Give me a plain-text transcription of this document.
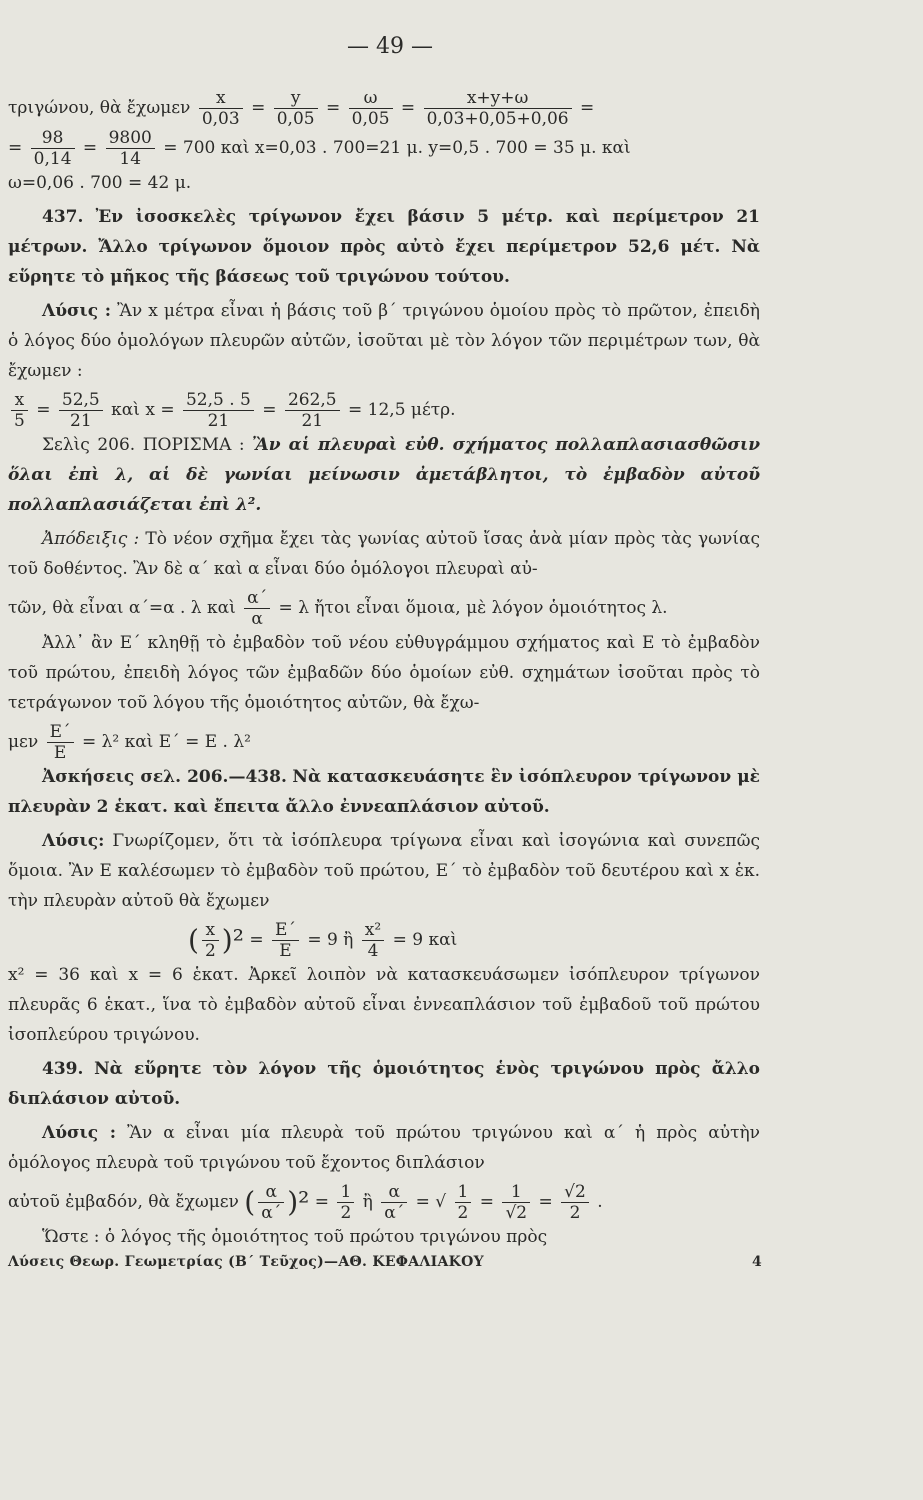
— 49 —
τριγώνου, θὰ ἔχωμεν $\frac{x}{0,03} = \frac{y}{0,05} = \frac{\omega}{0,05} = \frac{x+y+\omega}{0,03+0,05+0,06}$ =
= $\frac{98}{0,14} = \frac{9800}{14} = 700$ καὶ x=0,03 . 700=21 μ. y=0,5 . 700 = 35 μ. καὶ

ω=0,06 . 700 = 42 μ.

437. Ἐν ἰσοσκελὲς τρίγωνον ἔχει βάσιν 5 μέτρ. καὶ περίμετρον 21 μέτρων. Ἄλλο τρίγωνον ὅμοιον πρὸς αὐτὸ ἔχει περίμετρον 52,6 μέτ. Νὰ εὕρητε τὸ μῆκος τῆς βάσεως τοῦ τριγώνου τούτου.

Λύσις : Ἂν x μέτρα εἶναι ἡ βάσις τοῦ β΄ τριγώνου ὁμοίου πρὸς τὸ πρῶτον, ἐπειδὴ ὁ λόγος δύο ὁμολόγων πλευρῶν αὐτῶν, ἰσοῦται μὲ τὸν λόγον τῶν περιμέτρων των, θὰ ἔχωμεν :

$\frac{x}{5} = \frac{52,5}{21}$ καὶ $x = \frac{52,5 . 5}{21} = \frac{262,5}{21} = 12,5$ μέτρ.

Σελὶς 206. ΠΟΡΙΣΜΑ : Ἂν αἱ πλευραὶ εὐθ. σχήματος πολλαπλασιασθῶσιν ὅλαι ἐπὶ λ, αἱ δὲ γωνίαι μείνωσιν ἀμετάβλητοι, τὸ ἐμβαδὸν αὐτοῦ πολλαπλασιάζεται ἐπὶ λ².

Ἀπόδειξις : Τὸ νέον σχῆμα ἔχει τὰς γωνίας αὐτοῦ ἴσας ἀνὰ μίαν πρὸς τὰς γωνίας τοῦ δοθέντος. Ἂν δὲ α΄ καὶ α εἶναι δύο ὁμόλογοι πλευραὶ αὐ-

τῶν, θὰ εἶναι α΄=α . λ καὶ $\frac{\alpha΄}{\alpha} = \lambda$ ἤτοι εἶναι ὅμοια, μὲ λόγον ὁμοιότητος λ.

Ἀλλ᾽ ἂν Ε΄ κληθῇ τὸ ἐμβαδὸν τοῦ νέου εὐθυγράμμου σχήματος καὶ Ε τὸ ἐμβαδὸν τοῦ πρώτου, ἐπειδὴ λόγος τῶν ἐμβαδῶν δύο ὁμοίων εὐθ. σχημάτων ἰσοῦται πρὸς τὸ τετράγωνον τοῦ λόγου τῆς ὁμοιότητος αὐτῶν, θὰ ἔχω-

μεν $\frac{E΄}{E} = \lambda^2$ καὶ Ε΄ = Ε . λ²

Ἀσκήσεις σελ. 206.—438. Νὰ κατασκευάσητε ἓν ἰσόπλευρον τρίγωνον μὲ πλευρὰν 2 ἑκατ. καὶ ἔπειτα ἄλλο ἐννεαπλάσιον αὐτοῦ.

Λύσις: Γνωρίζομεν, ὅτι τὰ ἰσόπλευρα τρίγωνα εἶναι καὶ ἰσογώνια καὶ συνεπῶς ὅμοια. Ἂν Ε καλέσωμεν τὸ ἐμβαδὸν τοῦ πρώτου, Ε΄ τὸ ἐμβαδὸν τοῦ δευτέρου καὶ x ἑκ. τὴν πλευρὰν αὐτοῦ θὰ ἔχωμεν

( $\frac{x}{2} )^2 = \frac{E΄}{E} = 9$ ἢ $\frac{\text{x²}}{4} = 9$ καὶ

x² = 36 καὶ x = 6 ἑκατ. Ἀρκεῖ λοιπὸν νὰ κατασκευάσωμεν ἰσόπλευρον τρίγωνον πλευρᾶς 6 ἑκατ., ἵνα τὸ ἐμβαδὸν αὐτοῦ εἶναι ἐννεαπλάσιον τοῦ ἐμβαδοῦ τοῦ πρώτου ἰσοπλεύρου τριγώνου.

439. Νὰ εὕρητε τὸν λόγον τῆς ὁμοιότητος ἑνὸς τριγώνου πρὸς ἄλλο διπλάσιον αὐτοῦ.

Λύσις : Ἂν α εἶναι μία πλευρὰ τοῦ πρώτου τριγώνου καὶ α΄ ἡ πρὸς αὐτὴν ὁμόλογος πλευρὰ τοῦ τριγώνου τοῦ ἔχοντος διπλάσιον

αὐτοῦ ἐμβαδόν, θὰ ἔχωμεν ( $\frac{\alpha}{\alpha΄} )^2 = \frac{1}{2}$ ἢ $\frac{\alpha}{\alpha΄}$ = √ $\frac{1}{2} = \frac{1}{√2} = \frac{√2}{2}$ .

Ὥστε : ὁ λόγος τῆς ὁμοιότητος τοῦ πρώτου τριγώνου πρὸς

Λύσεις Θεωρ. Γεωμετρίας (Β΄ Τεῦχος)—ΑΘ. ΚΕΦΑΛΙΑΚΟΥ	4
